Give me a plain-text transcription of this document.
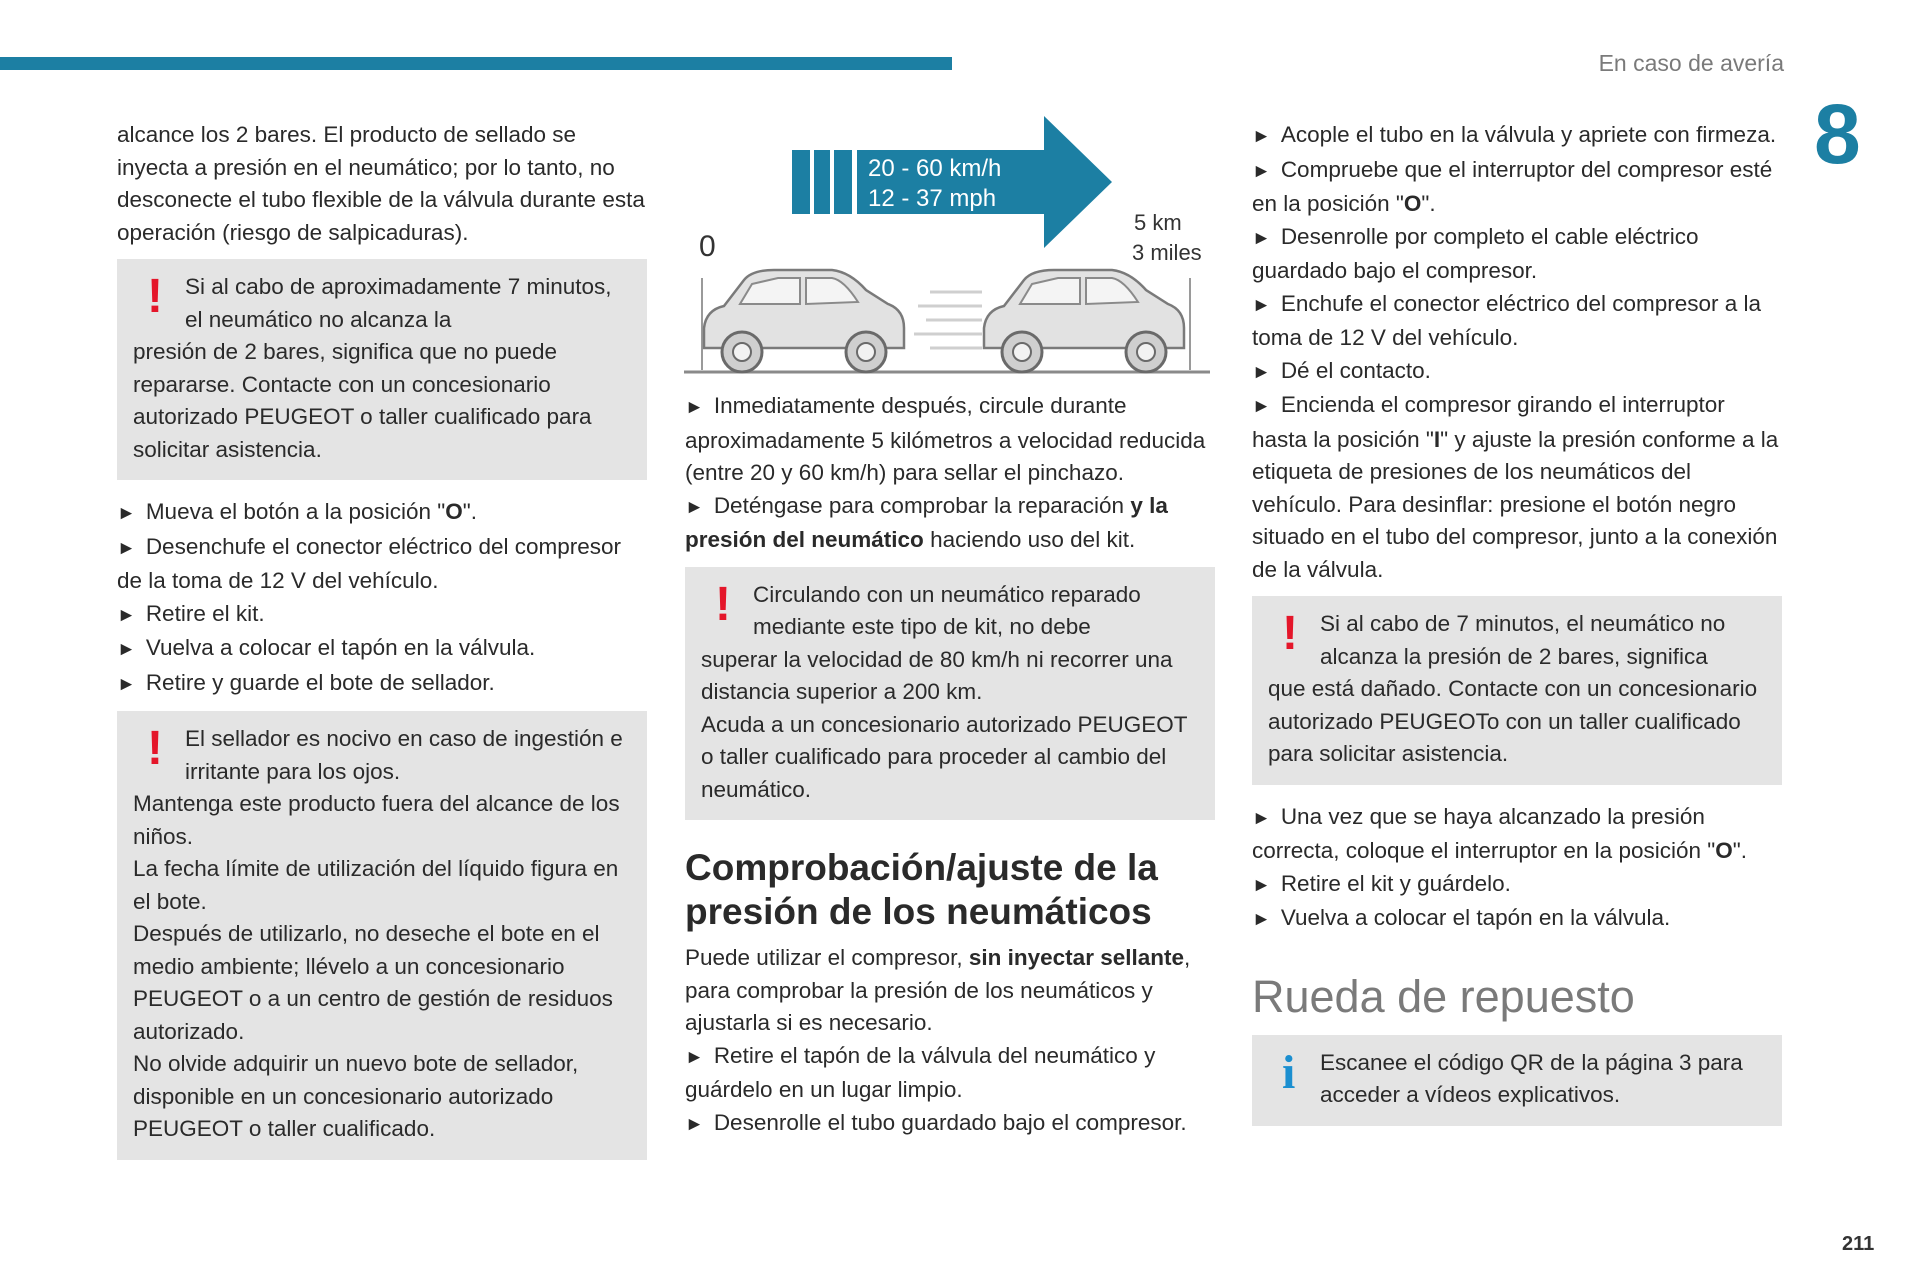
En caso de avería
8
211

alcance los 2 bares. El producto de sellado se inyecta a presión en el neumático; por lo tanto, no desconecte el tubo flexible de la válvula durante esta operación (riesgo de salpicaduras).

! Si al cabo de aproximadamente 7 minutos, el neumático no alcanza la

presión de 2 bares, significa que no puede repararse. Contacte con un concesionario autorizado PEUGEOT o taller cualificado para solicitar asistencia.

► Mueva el botón a la posición "O".

► Desenchufe el conector eléctrico del compresor de la toma de 12 V del vehículo.

► Retire el kit.

► Vuelva a colocar el tapón en la válvula.

► Retire y guarde el bote de sellador.

! El sellador es nocivo en caso de ingestión e irritante para los ojos.

Mantenga este producto fuera del alcance de los niños.

La fecha límite de utilización del líquido figura en el bote.

Después de utilizarlo, no deseche el bote en el medio ambiente; llévelo a un concesionario PEUGEOT o a un centro de gestión de residuos autorizado.

No olvide adquirir un nuevo bote de sellador, disponible en un concesionario autorizado PEUGEOT o taller cualificado.

20 - 60 km/h
12 - 37 mph
0
5 km
3 miles

► Inmediatamente después, circule durante aproximadamente 5 kilómetros a velocidad reducida (entre 20 y 60 km/h) para sellar el pinchazo.

► Deténgase para comprobar la reparación y la presión del neumático haciendo uso del kit.

! Circulando con un neumático reparado mediante este tipo de kit, no debe

superar la velocidad de 80 km/h ni recorrer una distancia superior a 200 km.

Acuda a un concesionario autorizado PEUGEOT o taller cualificado para proceder al cambio del neumático.

Comprobación/ajuste de la presión de los neumáticos

Puede utilizar el compresor, sin inyectar sellante, para comprobar la presión de los neumáticos y ajustarla si es necesario.

► Retire el tapón de la válvula del neumático y guárdelo en un lugar limpio.

► Desenrolle el tubo guardado bajo el compresor.

► Acople el tubo en la válvula y apriete con firmeza.

► Compruebe que el interruptor del compresor esté en la posición "O".

► Desenrolle por completo el cable eléctrico guardado bajo el compresor.

► Enchufe el conector eléctrico del compresor a la toma de 12 V del vehículo.

► Dé el contacto.

► Encienda el compresor girando el interruptor hasta la posición "I" y ajuste la presión conforme a la etiqueta de presiones de los neumáticos del vehículo. Para desinflar: presione el botón negro situado en el tubo del compresor, junto a la conexión de la válvula.

! Si al cabo de 7 minutos, el neumático no alcanza la presión de 2 bares, significa

que está dañado. Contacte con un concesionario autorizado PEUGEOTo con un taller cualificado para solicitar asistencia.

► Una vez que se haya alcanzado la presión correcta, coloque el interruptor en la posición "O".

► Retire el kit y guárdelo.

► Vuelva a colocar el tapón en la válvula.

Rueda de repuesto
i	Escanee el código QR de la página 3 para acceder a vídeos explicativos.
